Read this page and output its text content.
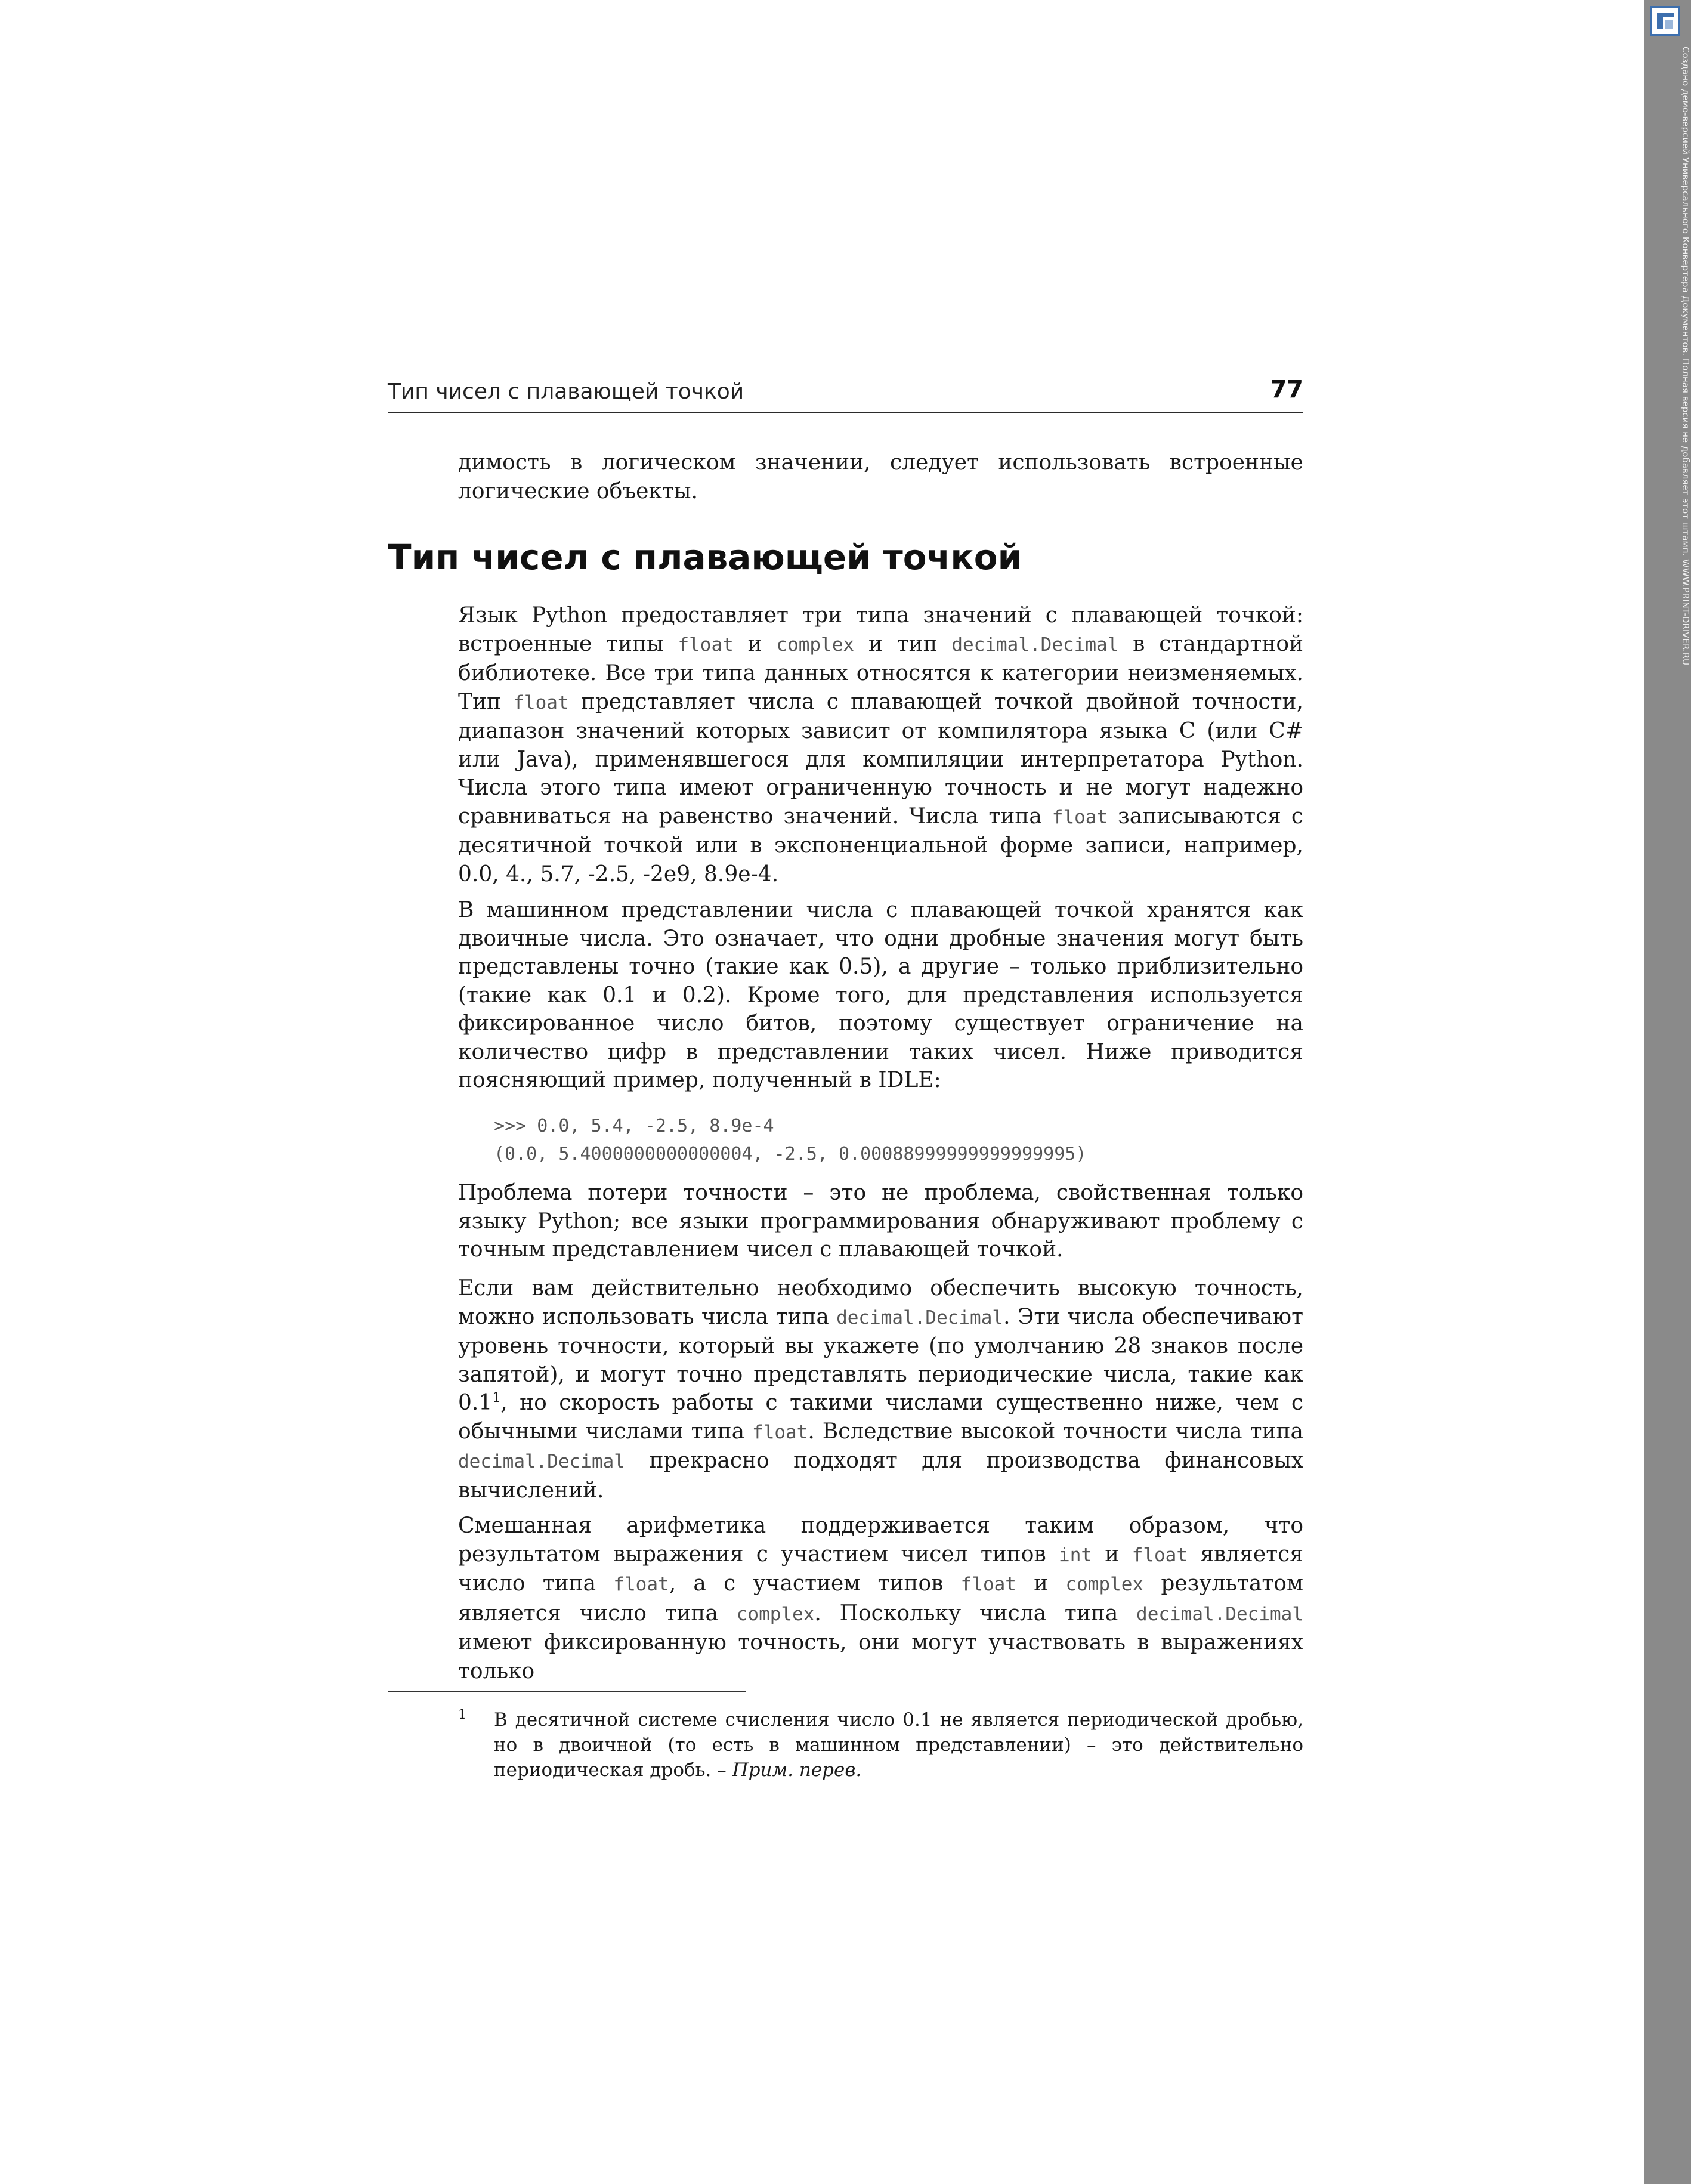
Создано демо-версией Универсального Конвертера Документов. Полная версия не добавляет этот штамп. WWW.PRINT-DRIVER.RU
Тип чисел с плавающей точкой	77

димость в логическом значении, следует использовать встроенные логические объекты.

Тип чисел с плавающей точкой

Язык Python предоставляет три типа значений с плавающей точкой: встроенные типы float и complex и тип decimal.Decimal в стандартной библиотеке. Все три типа данных относятся к категории неизменяемых. Тип float представляет числа с плавающей точкой двойной точности, диапазон значений которых зависит от компилятора языка C (или C# или Java), применявшегося для компиляции интерпретатора Python. Числа этого типа имеют ограниченную точность и не могут надежно сравниваться на равенство значений. Числа типа float записываются с десятичной точкой или в экспоненциальной форме записи, например, 0.0, 4., 5.7, -2.5, -2e9, 8.9e-4.

В машинном представлении числа с плавающей точкой хранятся как двоичные числа. Это означает, что одни дробные значения могут быть представлены точно (такие как 0.5), а другие – только приблизительно (такие как 0.1 и 0.2). Кроме того, для представления используется фиксированное число битов, поэтому существует ограничение на количество цифр в представлении таких чисел. Ниже приводится поясняющий пример, полученный в IDLE:

>>> 0.0, 5.4, -2.5, 8.9e-4
(0.0, 5.4000000000000004, -2.5, 0.00088999999999999995)

Проблема потери точности – это не проблема, свойственная только языку Python; все языки программирования обнаруживают проблему с точным представлением чисел с плавающей точкой.

Если вам действительно необходимо обеспечить высокую точность, можно использовать числа типа decimal.Decimal. Эти числа обеспечивают уровень точности, который вы укажете (по умолчанию 28 знаков после запятой), и могут точно представлять периодические числа, такие как $0.1^1$, но скорость работы с такими числами существенно ниже, чем с обычными числами типа float. Вследствие высокой точности числа типа decimal.Decimal прекрасно подходят для производства финансовых вычислений.

Смешанная арифметика поддерживается таким образом, что результатом выражения с участием чисел типов int и float является число типа float, а с участием типов float и complex результатом является число типа complex. Поскольку числа типа decimal.Decimal имеют фиксированную точность, они могут участвовать в выражениях только

1 В десятичной системе счисления число 0.1 не является периодической дробью, но в двоичной (то есть в машинном представлении) – это действительно периодическая дробь. – Прим. перев.
